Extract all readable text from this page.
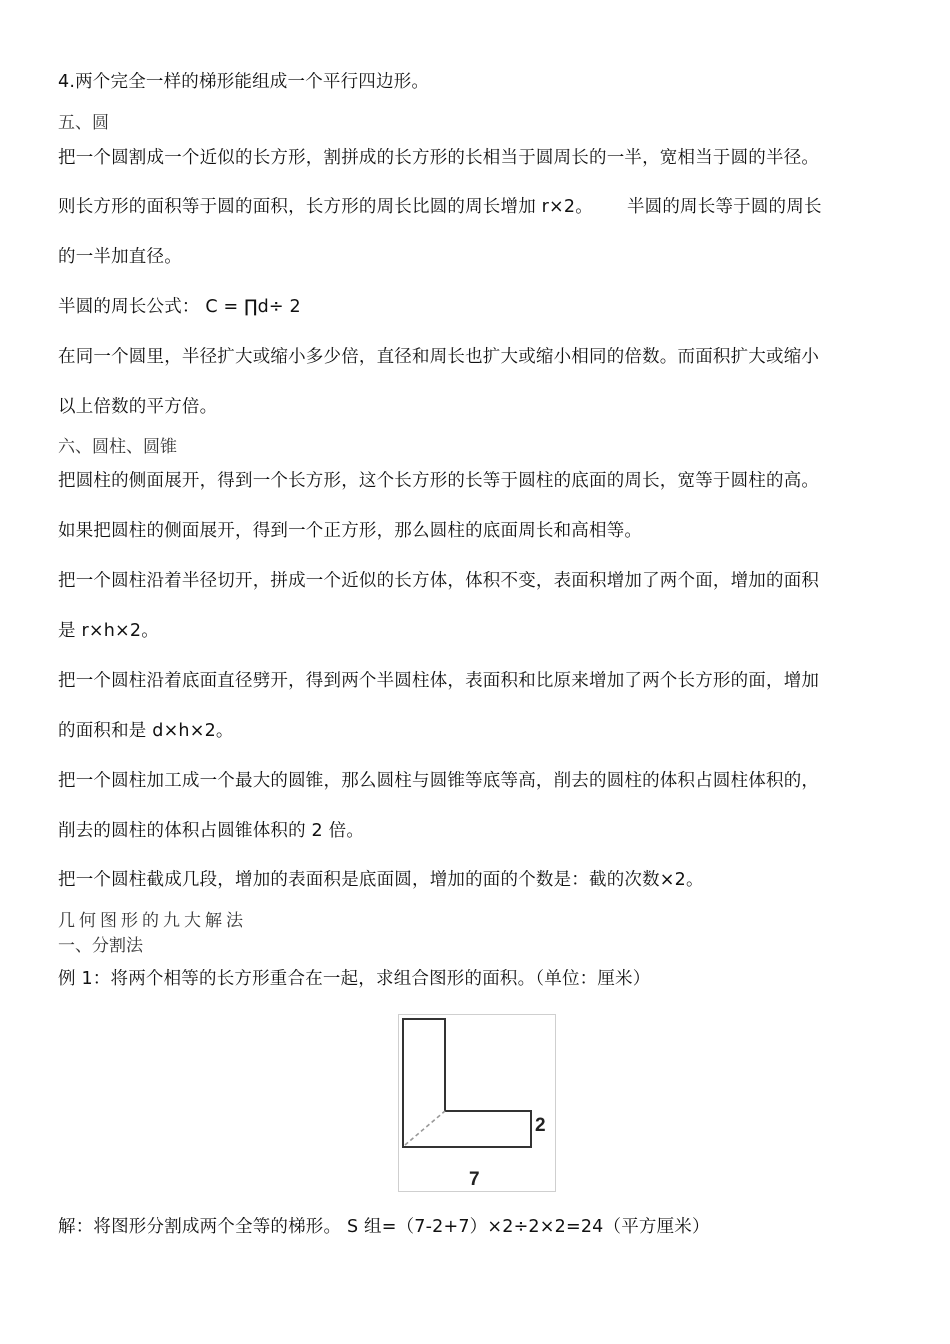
4.两个完全一样的梯形能组成一个平行四边形。
五、圆
把一个圆割成一个近似的长方形，割拼成的长方形的长相当于圆周长的一半，宽相当于圆的半径。
则长方形的面积等于圆的面积，长方形的周长比圆的周长增加 r×2。 半圆的周长等于圆的周长
的一半加直径。
半圆的周长公式： C = ∏d÷ 2
在同一个圆里，半径扩大或缩小多少倍，直径和周长也扩大或缩小相同的倍数。而面积扩大或缩小
以上倍数的平方倍。
六、圆柱、圆锥
把圆柱的侧面展开，得到一个长方形，这个长方形的长等于圆柱的底面的周长，宽等于圆柱的高。
如果把圆柱的侧面展开，得到一个正方形，那么圆柱的底面周长和高相等。
把一个圆柱沿着半径切开，拼成一个近似的长方体，体积不变，表面积增加了两个面，增加的面积
是 r×h×2。
把一个圆柱沿着底面直径劈开，得到两个半圆柱体，表面积和比原来增加了两个长方形的面，增加
的面积和是 d×h×2。
把一个圆柱加工成一个最大的圆锥，那么圆柱与圆锥等底等高，削去的圆柱的体积占圆柱体积的，
削去的圆柱的体积占圆锥体积的 2 倍。
把一个圆柱截成几段，增加的表面积是底面圆，增加的面的个数是：截的次数×2。
几何图形的九大解法
一、分割法
例 1：将两个相等的长方形重合在一起，求组合图形的面积。（单位：厘米）
2
7
解：将图形分割成两个全等的梯形。 S 组=（7-2+7）×2÷2×2=24（平方厘米）
